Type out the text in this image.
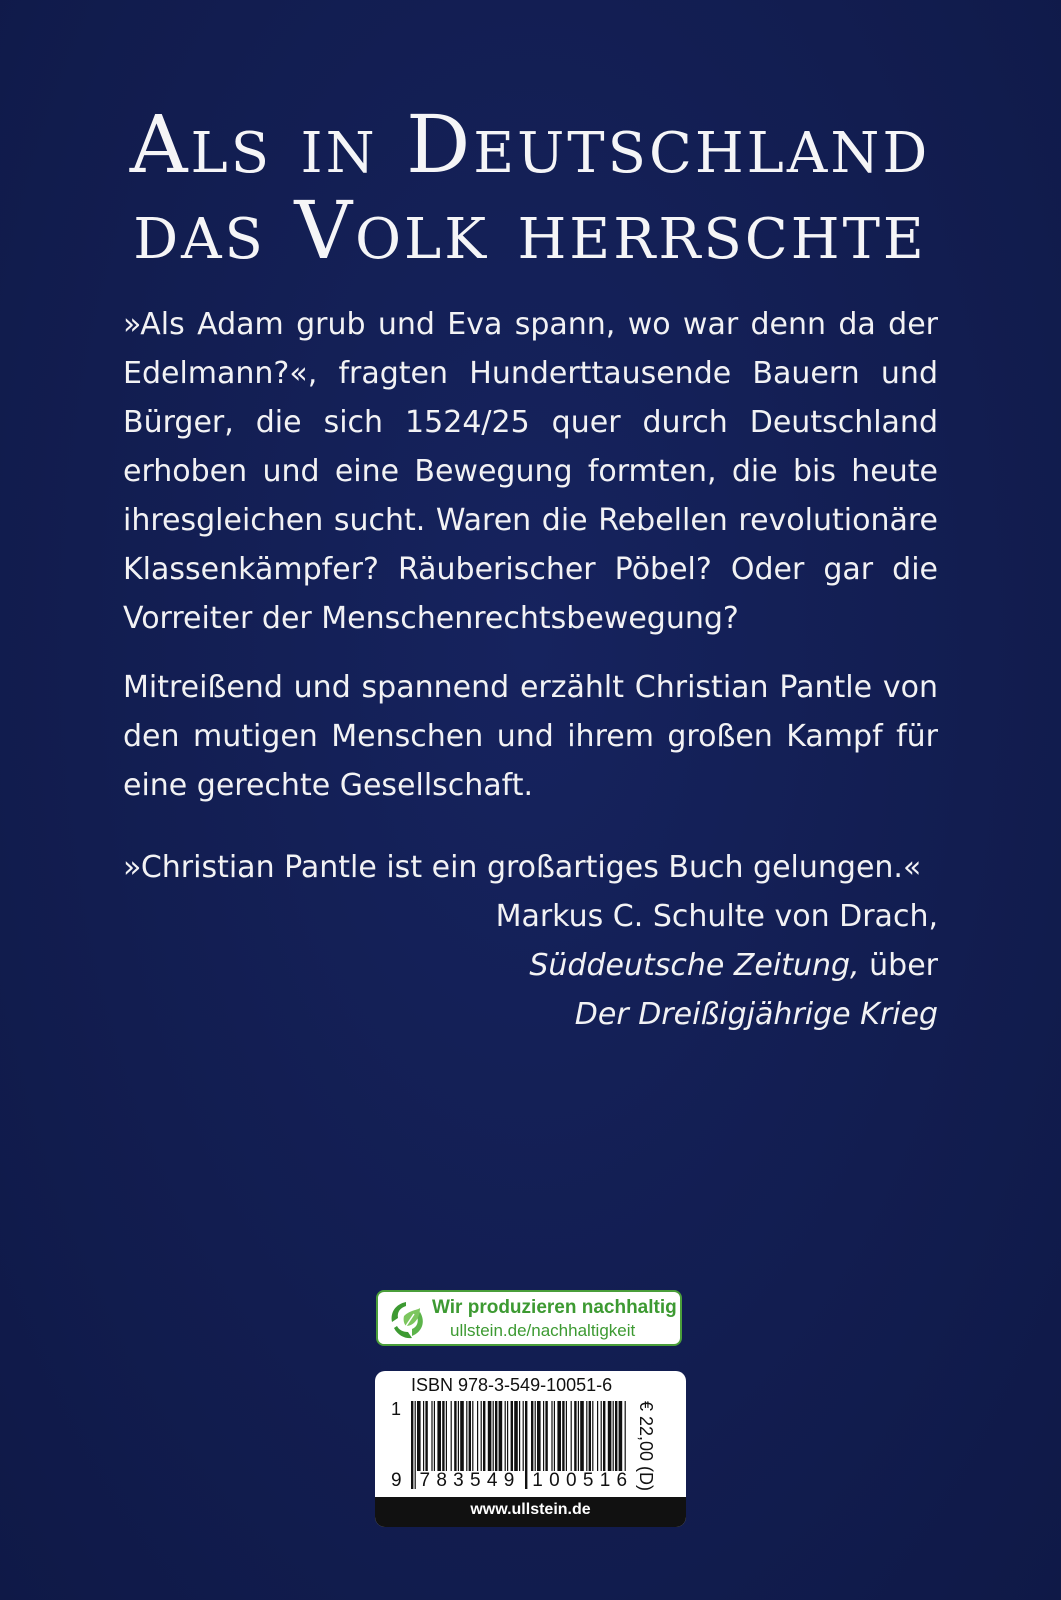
Als in Deutschland
das Volk herrschte

»Als Adam grub und Eva spann, wo war denn da der Edelmann?«, fragten Hunderttausende Bauern und Bürger, die sich 1524/25 quer durch Deutschland erhoben und eine Bewegung formten, die bis heute ihresgleichen sucht. Waren die Rebellen revolutionäre Klassenkämpfer? Räuberischer Pöbel? Oder gar die Vorreiter der Menschenrechtsbewegung?

Mitreißend und spannend erzählt Christian Pantle von den mutigen Menschen und ihrem großen Kampf für eine gerechte Gesellschaft.

»Christian Pantle ist ein großartiges Buch gelungen.«

Markus C. Schulte von Drach,
Süddeutsche Zeitung, über
Der Dreißigjährige Krieg
Wir produzieren nachhaltig
ullstein.de/nachhaltigkeit
ISBN 978-3-549-10051-6
1
9 783549 100516 € 22,00 (D)
www.ullstein.de
